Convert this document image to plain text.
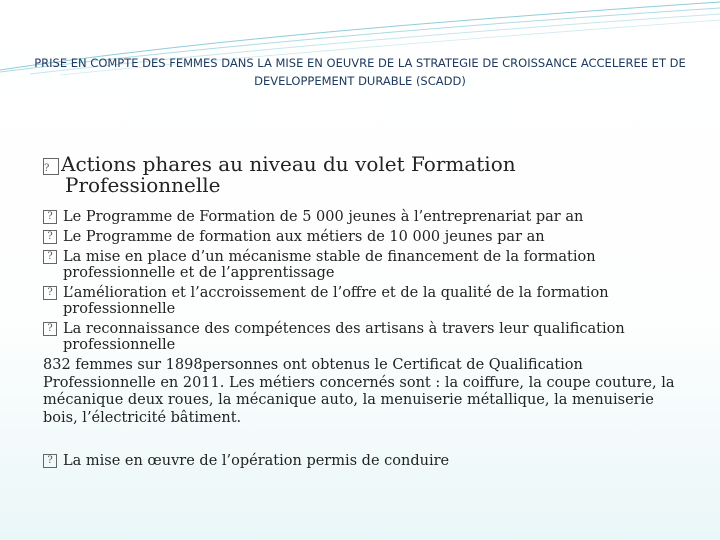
PRISE EN COMPTE DES FEMMES DANS LA MISE EN OEUVRE DE LA STRATEGIE DE CROISSANCE ACCELEREE ET DE
DEVELOPPEMENT DURABLE (SCADD)
? Actions phares au niveau du volet Formation
Professionnelle
? Le Programme de Formation de 5 000 jeunes à l’entreprenariat par an
? Le Programme de formation aux métiers de 10 000 jeunes par an
? La mise en place d’un mécanisme stable de financement de la formation professionnelle et de l’apprentissage
? L’amélioration et l’accroissement de l’offre et de la qualité de la formation professionnelle
? La reconnaissance des compétences des artisans à travers leur qualification professionnelle
832 femmes sur 1898personnes ont obtenus le Certificat de Qualification Professionnelle en 2011. Les métiers concernés sont : la coiffure, la coupe couture, la mécanique deux roues, la mécanique auto, la menuiserie métallique, la menuiserie bois, l’électricité bâtiment.
? La mise en œuvre de l’opération permis de conduire
